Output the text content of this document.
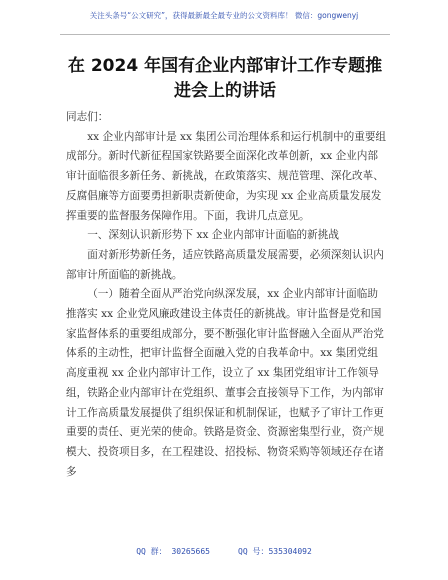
关注头条号“公文研究”，获得最新最全最专业的公文资料库！ 微信：gongwenyj
在 2024 年国有企业内部审计工作专题推进会上的讲话

同志们：

xx 企业内部审计是 xx 集团公司治理体系和运行机制中的重要组成部分。新时代新征程国家铁路要全面深化改革创新，xx 企业内部审计面临很多新任务、新挑战，在政策落实、规范管理、深化改革、反腐倡廉等方面要勇担新职责新使命，为实现 xx 企业高质量发展发挥重要的监督服务保障作用。下面，我讲几点意见。

一、深刻认识新形势下 xx 企业内部审计面临的新挑战

面对新形势新任务，适应铁路高质量发展需要，必须深刻认识内部审计所面临的新挑战。

（一）随着全面从严治党向纵深发展，xx 企业内部审计面临助推落实 xx 企业党风廉政建设主体责任的新挑战。审计监督是党和国家监督体系的重要组成部分，要不断强化审计监督融入全面从严治党体系的主动性，把审计监督全面融入党的自我革命中。xx 集团党组高度重视 xx 企业内部审计工作，设立了 xx 集团党组审计工作领导组，铁路企业内部审计在党组织、董事会直接领导下工作，为内部审计工作高质量发展提供了组织保证和机制保证，也赋予了审计工作更重要的责任、更光荣的使命。铁路是资金、资源密集型行业，资产规模大、投资项目多，在工程建设、招投标、物资采购等领域还存在诸多

QQ 群： 30265665	QQ 号：535304092
